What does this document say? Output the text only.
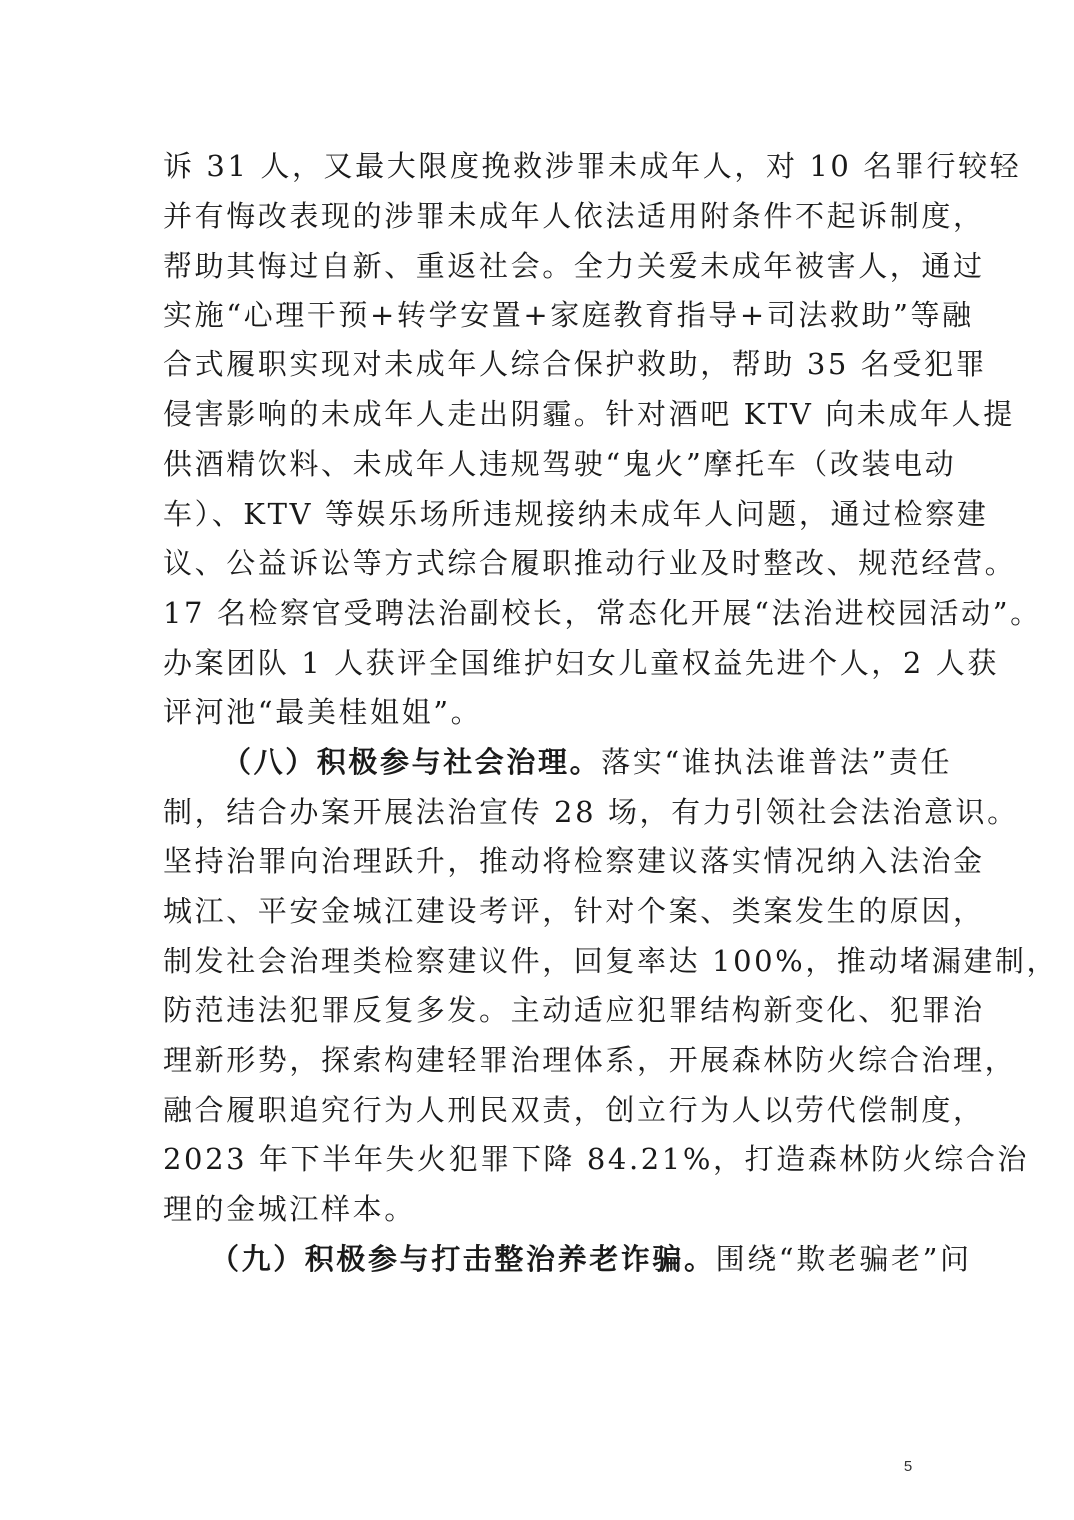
诉 31 人，又最大限度挽救涉罪未成年人，对 10 名罪行较轻
并有悔改表现的涉罪未成年人依法适用附条件不起诉制度，
帮助其悔过自新、重返社会。全力关爱未成年被害人，通过
实施“心理干预+转学安置+家庭教育指导+司法救助”等融
合式履职实现对未成年人综合保护救助，帮助 35 名受犯罪
侵害影响的未成年人走出阴霾。针对酒吧 KTV 向未成年人提
供酒精饮料、未成年人违规驾驶“鬼火”摩托车（改装电动
车）、KTV 等娱乐场所违规接纳未成年人问题，通过检察建
议、公益诉讼等方式综合履职推动行业及时整改、规范经营。
17 名检察官受聘法治副校长，常态化开展“法治进校园活动”。
办案团队 1 人获评全国维护妇女儿童权益先进个人，2 人获
评河池“最美桂姐姐”。
（八）积极参与社会治理。落实“谁执法谁普法”责任
制，结合办案开展法治宣传 28 场，有力引领社会法治意识。
坚持治罪向治理跃升，推动将检察建议落实情况纳入法治金
城江、平安金城江建设考评，针对个案、类案发生的原因，
制发社会治理类检察建议件，回复率达 100%，推动堵漏建制，
防范违法犯罪反复多发。主动适应犯罪结构新变化、犯罪治
理新形势，探索构建轻罪治理体系，开展森林防火综合治理，
融合履职追究行为人刑民双责，创立行为人以劳代偿制度，
2023 年下半年失火犯罪下降 84.21%，打造森林防火综合治
理的金城江样本。
（九）积极参与打击整治养老诈骗。围绕“欺老骗老”问
5
